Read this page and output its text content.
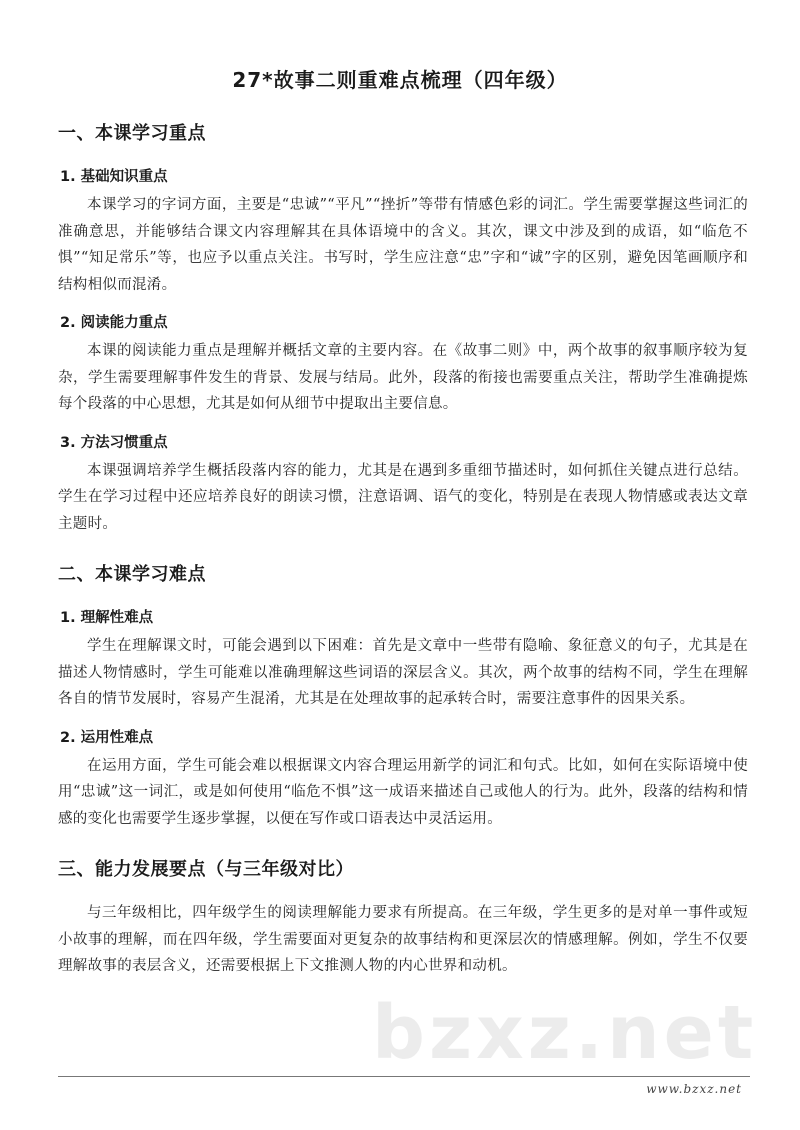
27*故事二则重难点梳理（四年级）
一、本课学习重点
1. 基础知识重点

本课学习的字词方面，主要是“忠诚”“平凡”“挫折”等带有情感色彩的词汇。学生需要掌握这些词汇的准确意思，并能够结合课文内容理解其在具体语境中的含义。其次，课文中涉及到的成语，如“临危不惧”“知足常乐”等，也应予以重点关注。书写时，学生应注意“忠”字和“诚”字的区别，避免因笔画顺序和结构相似而混淆。

2. 阅读能力重点

本课的阅读能力重点是理解并概括文章的主要内容。在《故事二则》中，两个故事的叙事顺序较为复杂，学生需要理解事件发生的背景、发展与结局。此外，段落的衔接也需要重点关注，帮助学生准确提炼每个段落的中心思想，尤其是如何从细节中提取出主要信息。

3. 方法习惯重点

本课强调培养学生概括段落内容的能力，尤其是在遇到多重细节描述时，如何抓住关键点进行总结。学生在学习过程中还应培养良好的朗读习惯，注意语调、语气的变化，特别是在表现人物情感或表达文章主题时。

二、本课学习难点
1. 理解性难点

学生在理解课文时，可能会遇到以下困难：首先是文章中一些带有隐喻、象征意义的句子，尤其是在描述人物情感时，学生可能难以准确理解这些词语的深层含义。其次，两个故事的结构不同，学生在理解各自的情节发展时，容易产生混淆，尤其是在处理故事的起承转合时，需要注意事件的因果关系。

2. 运用性难点

在运用方面，学生可能会难以根据课文内容合理运用新学的词汇和句式。比如，如何在实际语境中使用“忠诚”这一词汇，或是如何使用“临危不惧”这一成语来描述自己或他人的行为。此外，段落的结构和情感的变化也需要学生逐步掌握，以便在写作或口语表达中灵活运用。

三、能力发展要点（与三年级对比）

与三年级相比，四年级学生的阅读理解能力要求有所提高。在三年级，学生更多的是对单一事件或短小故事的理解，而在四年级，学生需要面对更复杂的故事结构和更深层次的情感理解。例如，学生不仅要理解故事的表层含义，还需要根据上下文推测人物的内心世界和动机。

bzxz.net
www.bzxz.net
